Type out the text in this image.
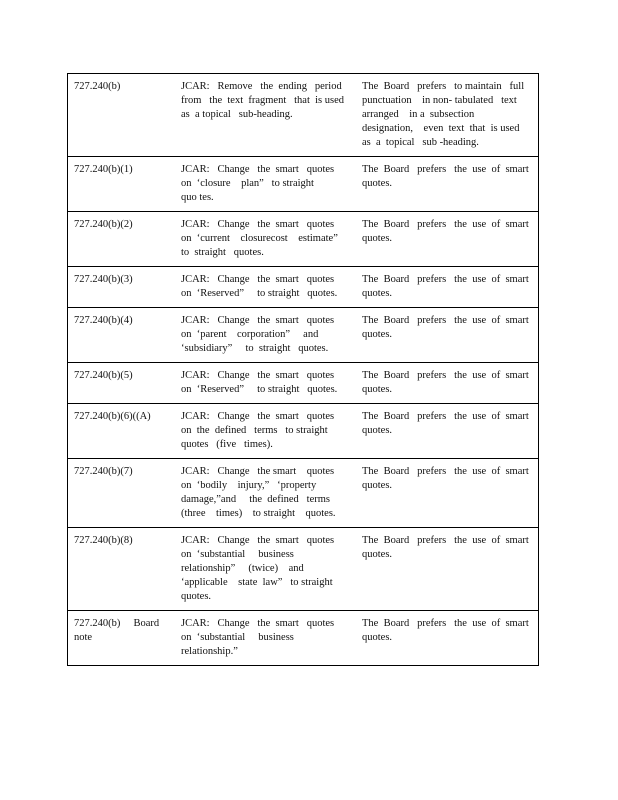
727.240(b)	JCAR:   Remove   the  ending   period
from   the  text  fragment   that  is used
as  a topical   sub-heading.
The  Board   prefers   to maintain   full
punctuation    in non- tabulated   text
arranged    in a  subsection
designation,    even  text  that  is used
as  a  topical   sub -heading.
727.240(b)(1)	JCAR:   Change   the  smart   quotes
on  ‘closure    plan”   to straight
quo tes.
The  Board   prefers   the  use  of  smart
quotes.
727.240(b)(2)	JCAR:   Change   the  smart   quotes
on  ‘current    closurecost    estimate”
to  straight   quotes.
The  Board   prefers   the  use  of  smart
quotes.
727.240(b)(3)	JCAR:   Change   the  smart   quotes
on  ‘Reserved”     to straight   quotes.
The  Board   prefers   the  use  of  smart
quotes.
727.240(b)(4)	JCAR:   Change   the  smart   quotes
on  ‘parent    corporation”     and
‘subsidiary”     to  straight   quotes.
The  Board   prefers   the  use  of  smart
quotes.
727.240(b)(5)	JCAR:   Change   the  smart   quotes
on  ‘Reserved”     to straight   quotes.
The  Board   prefers   the  use  of  smart
quotes.
727.240(b)(6)((A)	JCAR:   Change   the  smart   quotes
on  the  defined   terms   to straight
quotes   (five   times).
The  Board   prefers   the  use  of  smart
quotes.
727.240(b)(7)	JCAR:   Change   the smart    quotes
on  ‘bodily    injury,”   ‘property
damage,”and     the  defined   terms
(three    times)    to straight    quotes.
The  Board   prefers   the  use  of  smart
quotes.
727.240(b)(8)	JCAR:   Change   the  smart   quotes
on  ‘substantial     business
relationship”     (twice)    and
‘applicable    state  law”   to straight
quotes.
The  Board   prefers   the  use  of  smart
quotes.
727.240(b)     Board
note
JCAR:   Change   the  smart   quotes
on  ‘substantial     business
relationship.”
The  Board   prefers   the  use  of  smart
quotes.
